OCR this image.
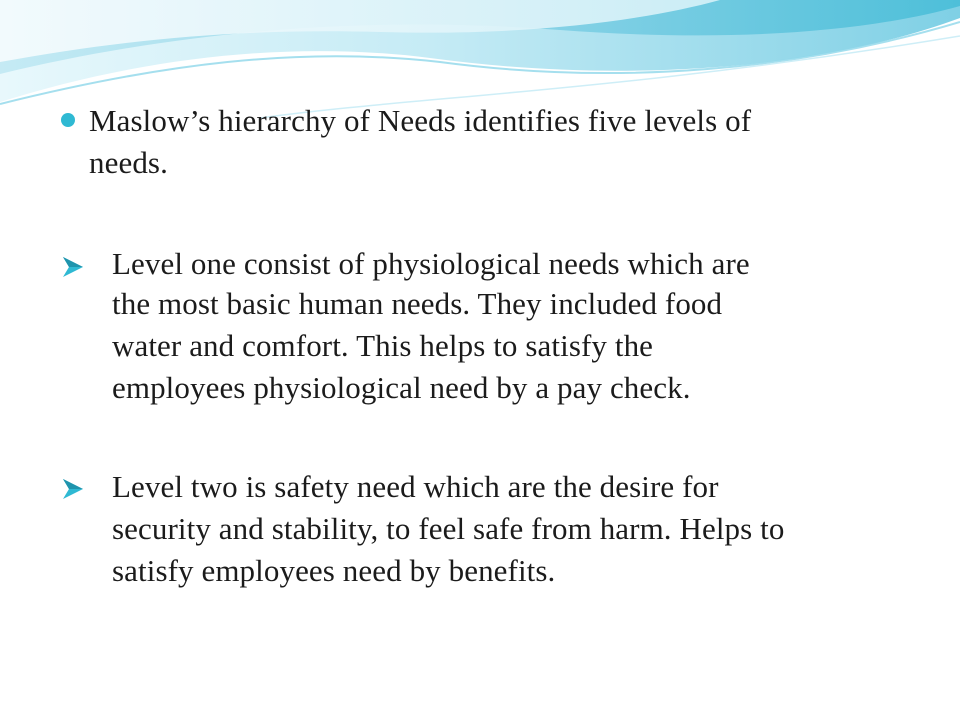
Maslow’s hierarchy of Needs identifies five levels of
needs.
Level one consist of physiological needs which are
the most basic human needs. They included food
water and comfort. This helps to satisfy the
employees physiological need by a pay check.
Level two is safety need which are the desire for
security and stability, to feel safe from harm. Helps to
satisfy employees need by benefits.
